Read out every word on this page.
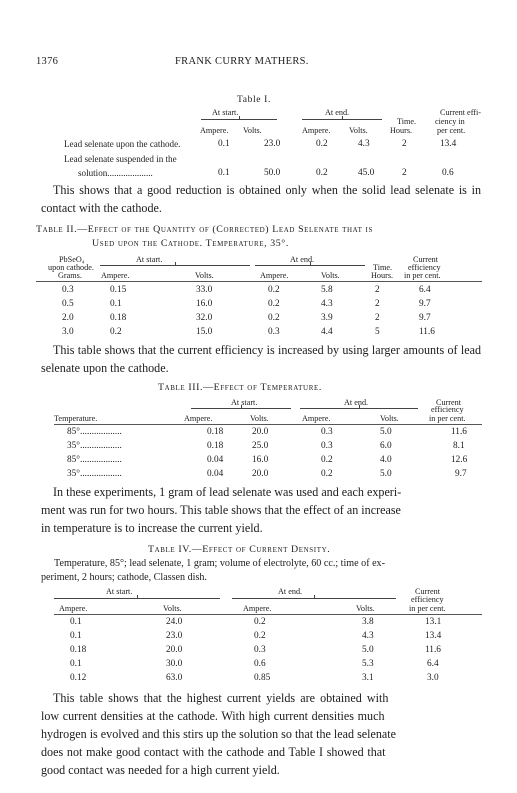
1376	FRANK CURRY MATHERS.
Table I.
At start.	At end.	Current effi-
Time. ciency in
Ampere. Volts.	Ampere. Volts.	Hours.	per cent.
Lead selenate upon the cathode.	0.1	23.0	0.2	4.3	2	13.4
Lead selenate suspended in the
solution....................	0.1	50.0	0.2	45.0	2	0.6

This shows that a good reduction is obtained only when the solid lead selenate is in contact with the cathode.

Table II.—Effect of the Quantity of (Corrected) Lead Selenate that is
Used upon the Cathode. Temperature, 35°.
PbSeO₄	At start.	At end.	Current
upon cathode.	Time. efficiency
Grams. Ampere.	Volts.	Ampere.	Volts.	Hours. in per cent.
0.3	0.15	33.0	0.2	5.8	2	6.4
0.5	0.1	16.0	0.2	4.3	2	9.7
2.0	0.18	32.0	0.2	3.9	2	9.7
3.0	0.2	15.0	0.3	4.4	5	11.6

This table shows that the current efficiency is increased by using larger amounts of lead selenate upon the cathode.

Table III.—Effect of Temperature.
At start.	At end.	Current
efficiency
Temperature.	Ampere.	Volts.	Ampere.	Volts.	in per cent.
85°..................	0.18	20.0	0.3	5.0	11.6
35°..................	0.18	25.0	0.3	6.0	8.1
85°..................	0.04	16.0	0.2	4.0	12.6
35°..................	0.04	20.0	0.2	5.0	9.7
In these experiments, 1 gram of lead selenate was used and each experi-
ment was run for two hours. This table shows that the effect of an increase
in temperature is to increase the current yield.
Table IV.—Effect of Current Density.
Temperature, 85°; lead selenate, 1 gram; volume of electrolyte, 60 cc.; time of ex-
periment, 2 hours; cathode, Classen dish.
At start.	At end.	Current
efficiency
Ampere.	Volts.	Ampere.	Volts.	in per cent.
0.1	24.0	0.2	3.8	13.1
0.1	23.0	0.2	4.3	13.4
0.18	20.0	0.3	5.0	11.6
0.1	30.0	0.6	5.3	6.4
0.12	63.0	0.85	3.1	3.0
This table shows that the highest current yields are obtained with
low current densities at the cathode. With high current densities much
hydrogen is evolved and this stirs up the solution so that the lead selenate
does not make good contact with the cathode and Table I showed that
good contact was needed for a high current yield.
